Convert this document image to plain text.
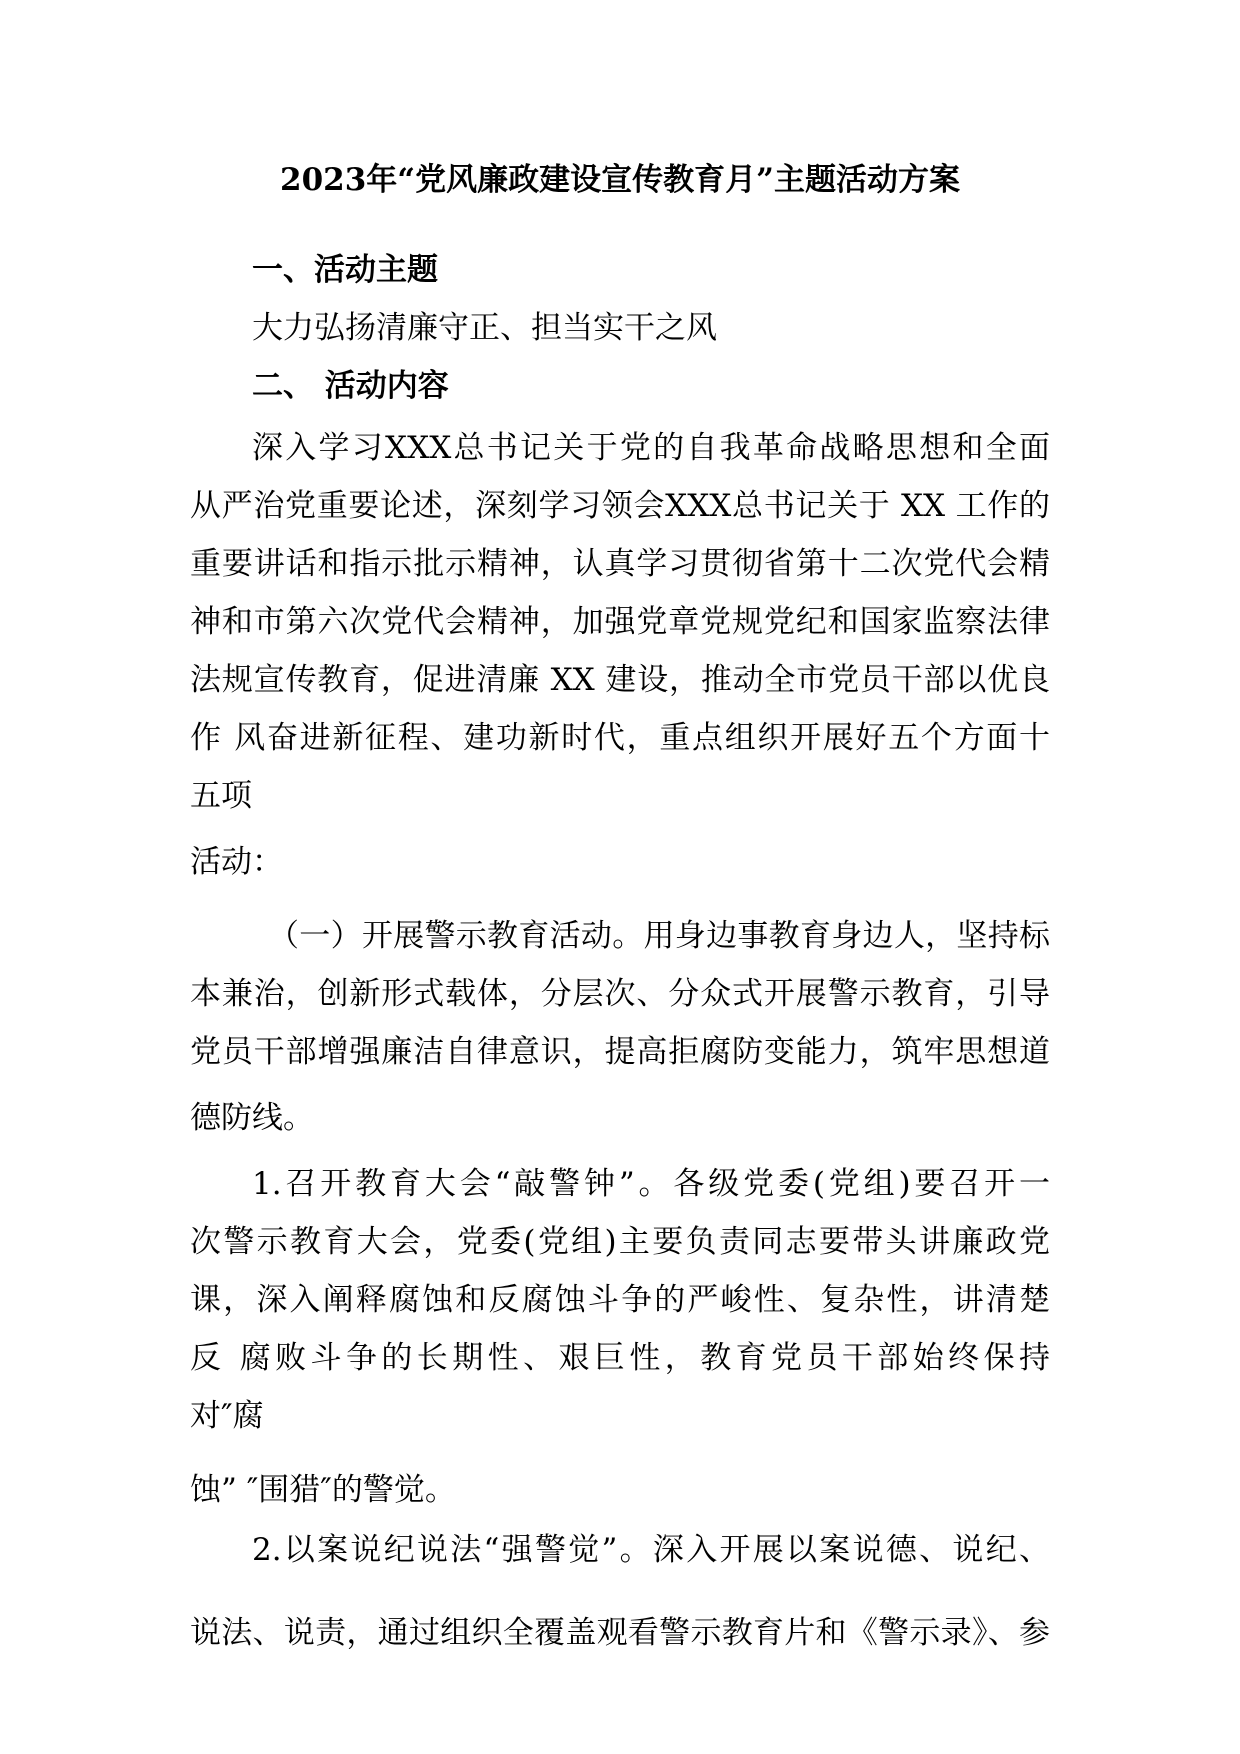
2023年“党风廉政建设宣传教育月”主题活动方案
一、活动主题
大力弘扬清廉守正、担当实干之风
二、 活动内容
深入学习XXX总书记关于党的自我革命战略思想和全面
从严治党重要论述，深刻学习领会XXX总书记关于 XX 工作的
重要讲话和指示批示精神，认真学习贯彻省第十二次党代会精
神和市第六次党代会精神，加强党章党规党纪和国家监察法律
法规宣传教育，促进清廉 XX 建设，推动全市党员干部以优良
作 风奋进新征程、建功新时代，重点组织开展好五个方面十
五项
活动：
（一）开展警示教育活动。用身边事教育身边人，坚持标
本兼治，创新形式载体，分层次、分众式开展警示教育，引导
党员干部增强廉洁自律意识，提高拒腐防变能力，筑牢思想道
德防线。
1.召开教育大会“敲警钟”。各级党委(党组)要召开一
次警示教育大会，党委(党组)主要负责同志要带头讲廉政党
课，深入阐释腐蚀和反腐蚀斗争的严峻性、复杂性，讲清楚
反 腐败斗争的长期性、艰巨性，教育党员干部始终保持
对″腐
蚀” ″围猎″的警觉。
2.以案说纪说法“强警觉”。深入开展以案说德、说纪、
说法、说责，通过组织全覆盖观看警示教育片和《警示录》、参
